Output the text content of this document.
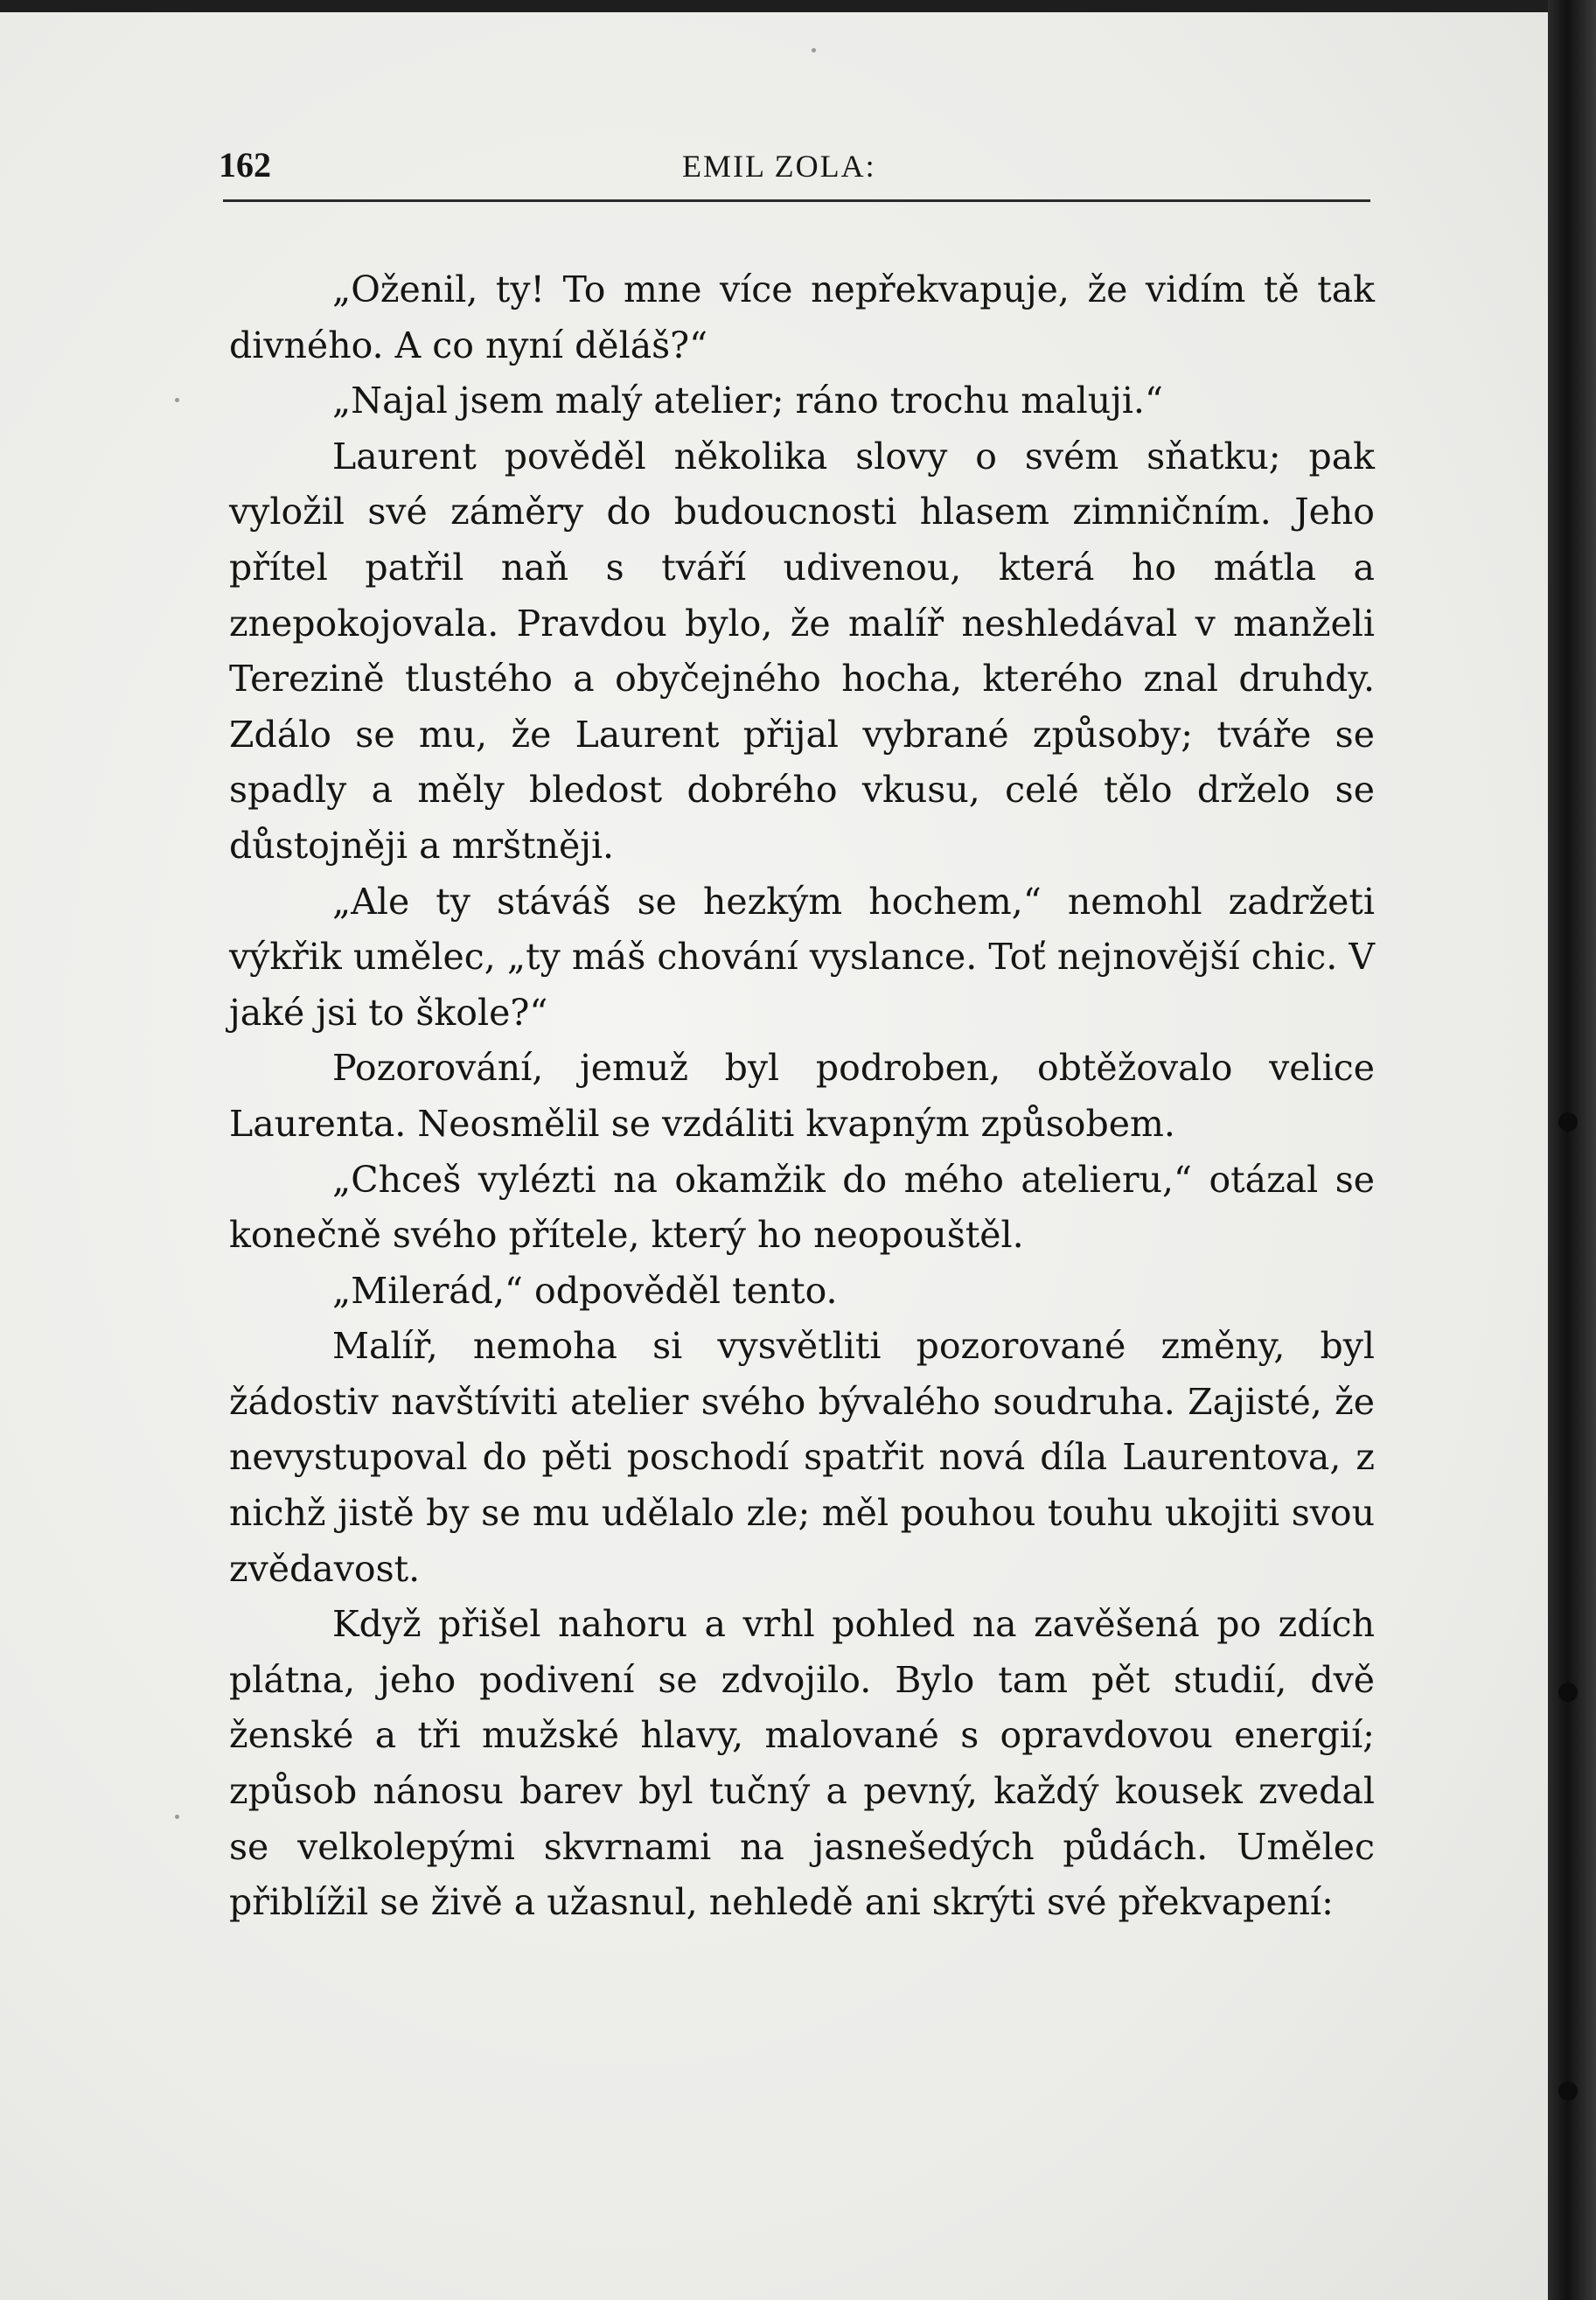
162	EMIL ZOLA:

„Oženil, ty! To mne více nepřekvapuje, že vidím tě tak divného. A co nyní děláš?“

„Najal jsem malý atelier; ráno trochu maluji.“

Laurent pověděl několika slovy o svém sňatku; pak vyložil své záměry do budoucnosti hlasem zimničním. Jeho přítel patřil naň s tváří udivenou, která ho mátla a znepokojovala. Pravdou bylo, že malíř neshledával v manželi Terezině tlustého a obyčejného hocha, kterého znal druhdy. Zdálo se mu, že Laurent přijal vybrané způsoby; tváře se spadly a měly bledost dobrého vkusu, celé tělo drželo se důstojněji a mrštněji.

„Ale ty stáváš se hezkým hochem,“ nemohl zadržeti výkřik umělec, „ty máš chování vyslance. Toť nejnovější chic. V jaké jsi to škole?“

Pozorování, jemuž byl podroben, obtěžovalo velice Laurenta. Neosmělil se vzdáliti kvapným způsobem.

„Chceš vylézti na okamžik do mého atelieru,“ otázal se konečně svého přítele, který ho neopouštěl.

„Milerád,“ odpověděl tento.

Malíř, nemoha si vysvětliti pozorované změny, byl žádostiv navštíviti atelier svého bývalého soudruha. Zajisté, že nevystupoval do pěti poschodí spatřit nová díla Laurentova, z nichž jistě by se mu udělalo zle; měl pouhou touhu ukojiti svou zvědavost.

Když přišel nahoru a vrhl pohled na zavěšená po zdích plátna, jeho podivení se zdvojilo. Bylo tam pět studií, dvě ženské a tři mužské hlavy, malované s opravdovou energií; způsob nánosu barev byl tučný a pevný, každý kousek zvedal se velkolepými skvrnami na jasnešedých půdách. Umělec přiblížil se živě a užasnul, nehledě ani skrýti své překvapení:
